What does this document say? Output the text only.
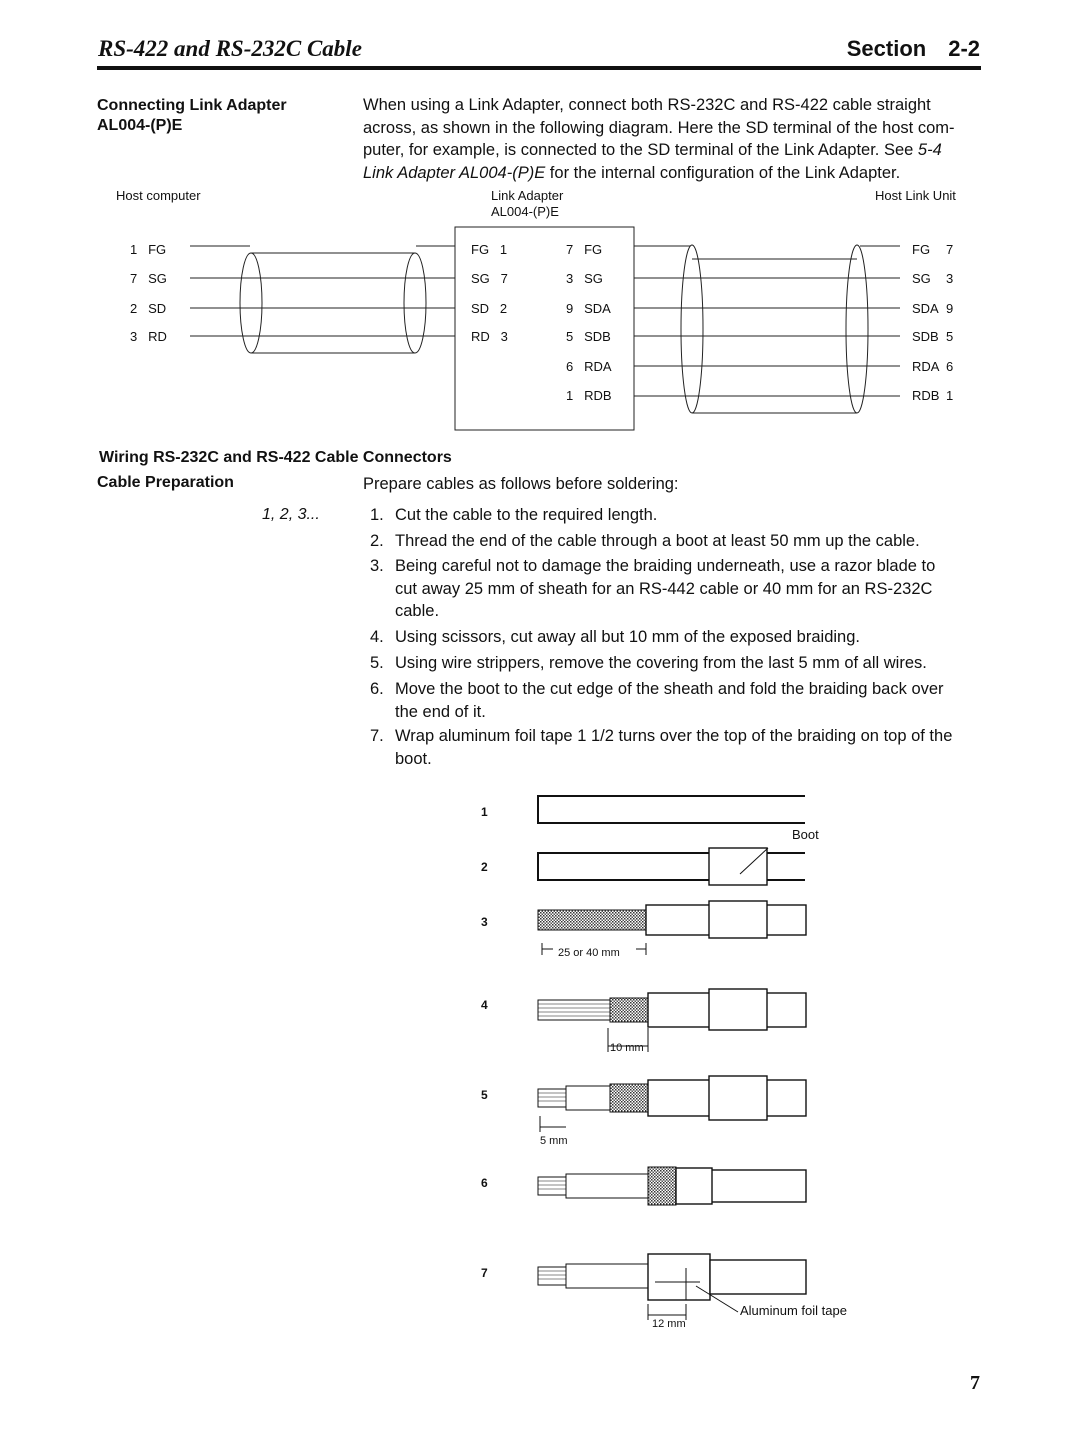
RS-422 and RS-232C Cable	Section 2-2
Connecting Link Adapter
AL004-(P)E
When using a Link Adapter, connect both RS-232C and RS-422 cable straight
across, as shown in the following diagram. Here the SD terminal of the host com-
puter, for example, is connected to the SD terminal of the Link Adapter. See 5-4
Link Adapter AL004-(P)E for the internal configuration of the Link Adapter.
Host computer	Link Adapter
AL004-(P)E
Host Link Unit
1 FG
7 SG
2 SD
3 RD
FG 1
SG 7
SD 2
RD 3
7 FG
3 SG
9 SDA
5 SDB
6 RDA
1 RDB
FG 7
SG 3
SDA 9
SDB 5
RDA 6
RDB 1
Wiring RS-232C and RS-422 Cable Connectors
Cable Preparation	Prepare cables as follows before soldering:
1, 2, 3...	1. Cut the cable to the required length.
2. Thread the end of the cable through a boot at least 50 mm up the cable.
3. Being careful not to damage the braiding underneath, use a razor blade to
cut away 25 mm of sheath for an RS-442 cable or 40 mm for an RS-232C
cable.
4. Using scissors, cut away all but 10 mm of the exposed braiding.
5. Using wire strippers, remove the covering from the last 5 mm of all wires.
6. Move the boot to the cut edge of the sheath and fold the braiding back over
the end of it.
7. Wrap aluminum foil tape 1 1/2 turns over the top of the braiding on top of the
boot.
1
2
3
4
5
6
7
Boot
25 or 40 mm
10 mm
5 mm
12 mm
Aluminum foil tape
7
